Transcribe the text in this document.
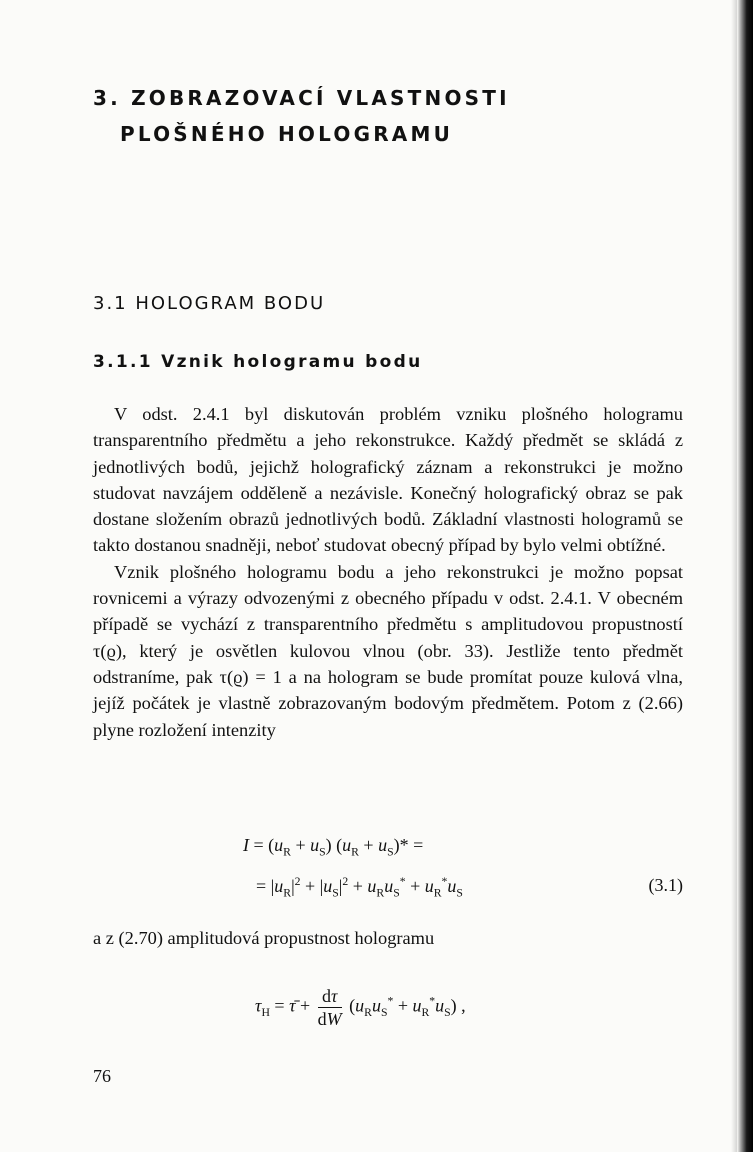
3. ZOBRAZOVACÍ VLASTNOSTI
PLOŠNÉHO HOLOGRAMU
3.1 HOLOGRAM BODU
3.1.1 Vznik hologramu bodu

V odst. 2.4.1 byl diskutován problém vzniku plošného hologramu transparentního předmětu a jeho rekonstrukce. Každý předmět se skládá z jednotlivých bodů, jejichž holografický záznam a rekonstrukci je možno studovat navzájem odděleně a nezávisle. Konečný holografický obraz se pak dostane složením obrazů jednotlivých bodů. Základní vlastnosti hologramů se takto dostanou snadněji, neboť studovat obecný případ by bylo velmi obtížné.

Vznik plošného hologramu bodu a jeho rekonstrukci je možno popsat rovnicemi a výrazy odvozenými z obecného případu v odst. 2.4.1. V obecném případě se vychází z transparentního předmětu s amplitudovou propustností τ(ϱ), který je osvětlen kulovou vlnou (obr. 33). Jestliže tento předmět odstraníme, pak τ(ϱ) = 1 a na hologram se bude promítat pouze kulová vlna, jejíž počátek je vlastně zobrazovaným bodovým předmětem. Potom z (2.66) plyne rozložení intenzity

$I = (u_R + u_S) (u_R + u_S)*$ =
= $|u_R|^2 + |u_S|^2 + u_Ru_S^* + u_R^*u_S$	(3.1)
a z (2.70) amplitudová propustnost hologramu
$\tau_H$ = τ̄ + $\frac{d\tau}{dW} (u_Ru_S^* + u_R^*u_S)$ ,
76
